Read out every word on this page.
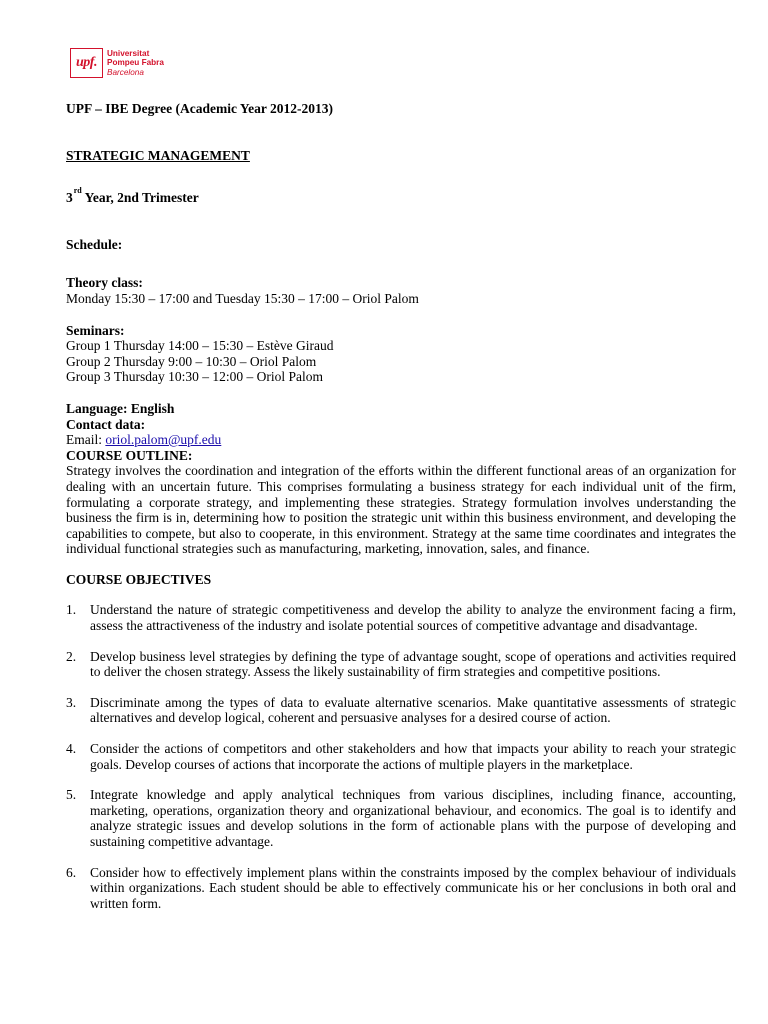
upf.
Universitat
Pompeu Fabra
Barcelona
UPF – IBE Degree (Academic Year 2012-2013)
STRATEGIC MANAGEMENT
3rd Year, 2nd Trimester
Schedule:
Theory class:
Monday 15:30 – 17:00 and Tuesday 15:30 – 17:00 – Oriol Palom
Seminars:
Group 1 Thursday 14:00 – 15:30 – Estève Giraud
Group 2 Thursday 9:00 – 10:30 – Oriol Palom
Group 3 Thursday 10:30 – 12:00 – Oriol Palom
Language: English
Contact data:
Email: oriol.palom@upf.edu
COURSE OUTLINE:
Strategy involves the coordination and integration of the efforts within the different functional areas of an organization for dealing with an uncertain future. This comprises formulating a business strategy for each individual unit of the firm, formulating a corporate strategy, and implementing these strategies. Strategy formulation involves understanding the business the firm is in, determining how to position the strategic unit within this business environment, and developing the capabilities to compete, but also to cooperate, in this environment. Strategy at the same time coordinates and integrates the individual functional strategies such as manufacturing, marketing, innovation, sales, and finance.
COURSE OBJECTIVES
1. Understand the nature of strategic competitiveness and develop the ability to analyze the environment facing a firm, assess the attractiveness of the industry and isolate potential sources of competitive advantage and disadvantage.
2. Develop business level strategies by defining the type of advantage sought, scope of operations and activities required to deliver the chosen strategy. Assess the likely sustainability of firm strategies and competitive positions.
3. Discriminate among the types of data to evaluate alternative scenarios. Make quantitative assessments of strategic alternatives and develop logical, coherent and persuasive analyses for a desired course of action.
4. Consider the actions of competitors and other stakeholders and how that impacts your ability to reach your strategic goals. Develop courses of actions that incorporate the actions of multiple players in the marketplace.
5. Integrate knowledge and apply analytical techniques from various disciplines, including finance, accounting, marketing, operations, organization theory and organizational behaviour, and economics. The goal is to identify and analyze strategic issues and develop solutions in the form of actionable plans with the purpose of developing and sustaining competitive advantage.
6. Consider how to effectively implement plans within the constraints imposed by the complex behaviour of individuals within organizations. Each student should be able to effectively communicate his or her conclusions in both oral and written form.
